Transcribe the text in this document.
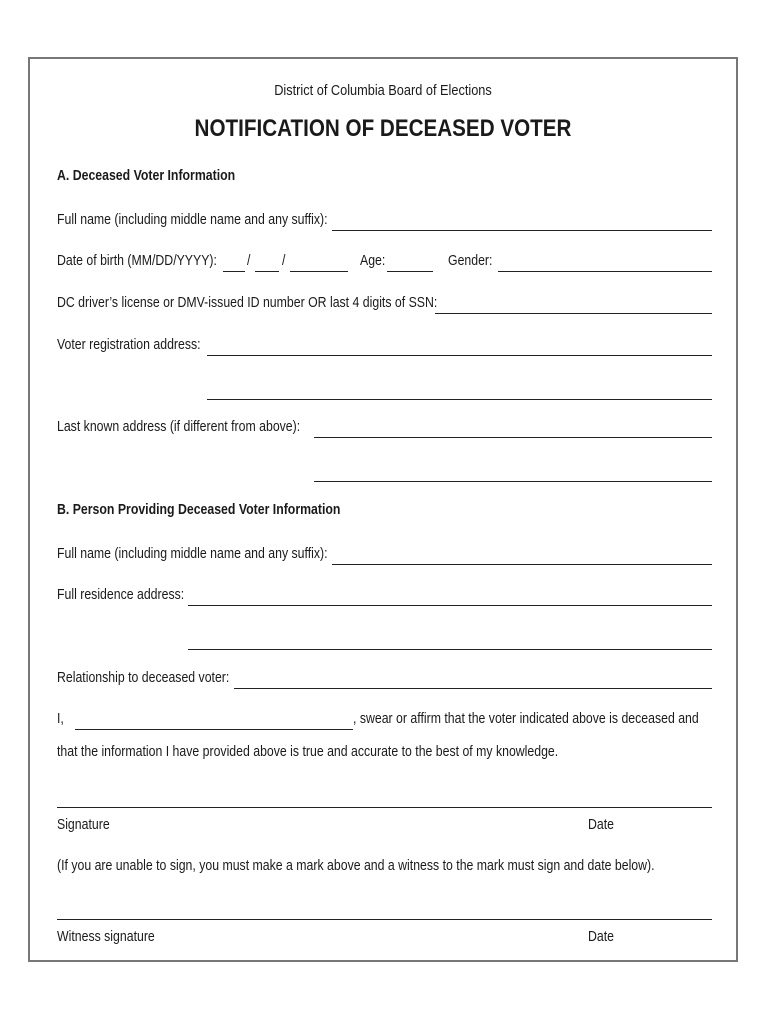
District of Columbia Board of Elections
NOTIFICATION OF DECEASED VOTER
A. Deceased Voter Information
Full name (including middle name and any suffix):
Date of birth (MM/DD/YYYY): / /	Age:	Gender:
DC driver’s license or DMV-issued ID number OR last 4 digits of SSN:
Voter registration address:
Last known address (if different from above):
B. Person Providing Deceased Voter Information
Full name (including middle name and any suffix):
Full residence address:
Relationship to deceased voter:
I,	, swear or affirm that the voter indicated above is deceased and
that the information I have provided above is true and accurate to the best of my knowledge.
Signature	Date
(If you are unable to sign, you must make a mark above and a witness to the mark must sign and date below).
Witness signature	Date
